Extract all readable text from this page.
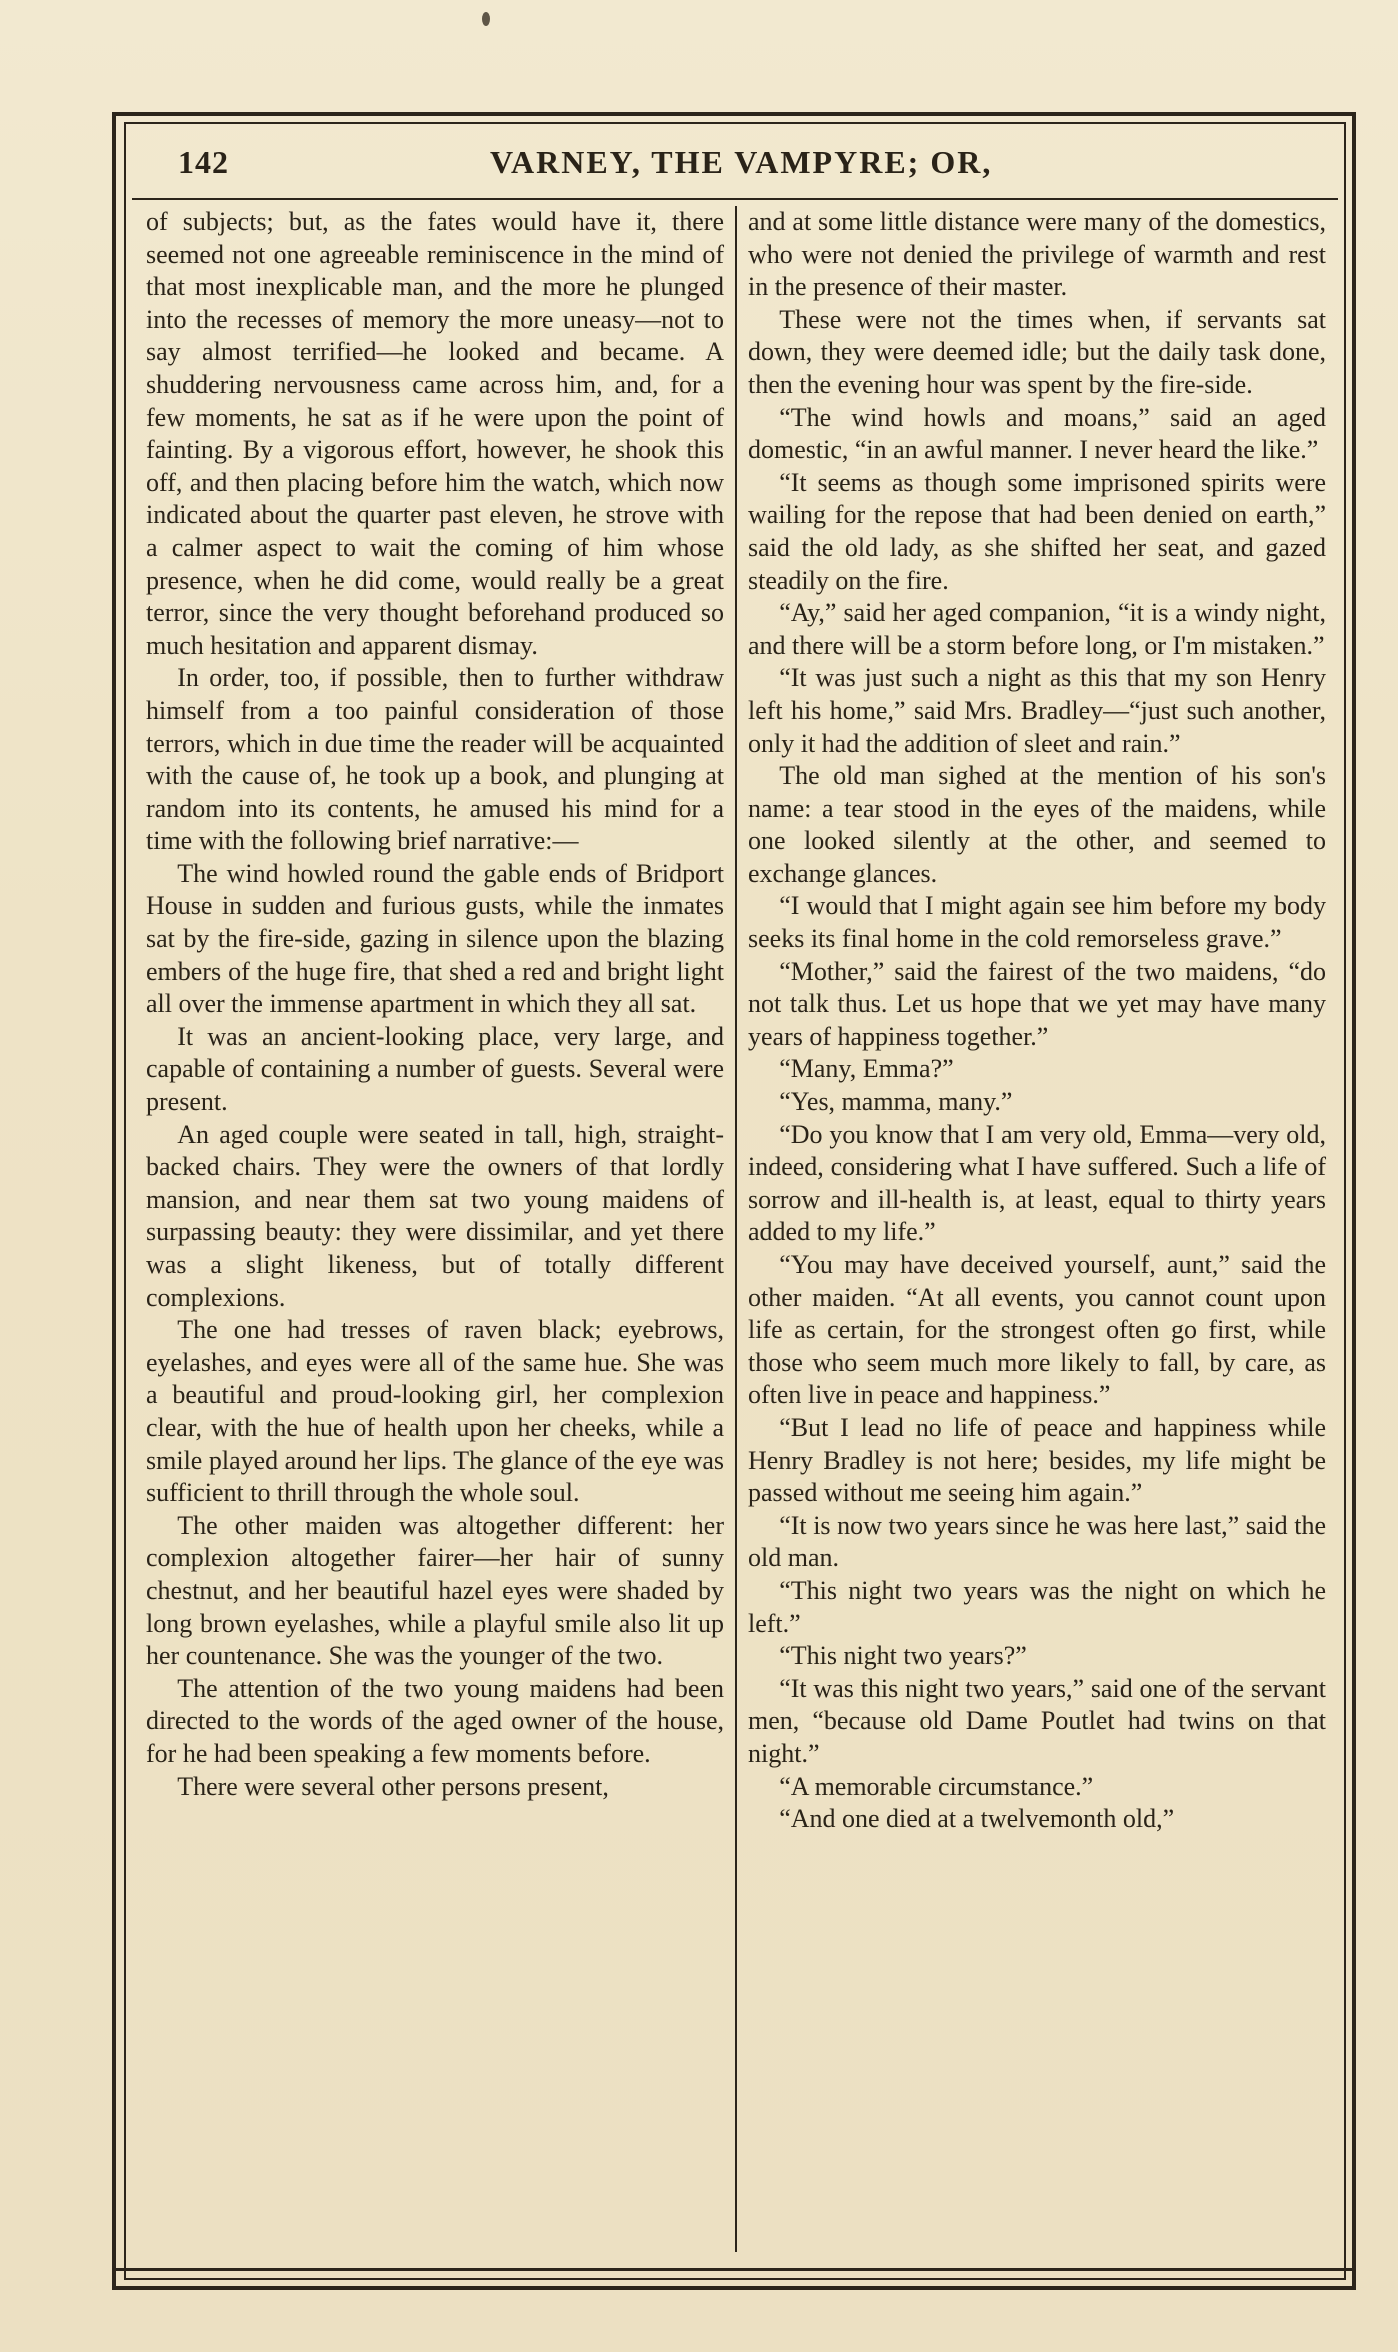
142	VARNEY, THE VAMPYRE; OR,

of subjects; but, as the fates would have it, there seemed not one agreeable reminiscence in the mind of that most inexplicable man, and the more he plunged into the recesses of memory the more uneasy—not to say almost terrified—he looked and became. A shuddering nervousness came across him, and, for a few moments, he sat as if he were upon the point of fainting. By a vigorous effort, however, he shook this off, and then placing before him the watch, which now indicated about the quarter past eleven, he strove with a calmer aspect to wait the coming of him whose presence, when he did come, would really be a great terror, since the very thought beforehand produced so much hesitation and apparent dismay.

In order, too, if possible, then to further withdraw himself from a too painful consideration of those terrors, which in due time the reader will be acquainted with the cause of, he took up a book, and plunging at random into its contents, he amused his mind for a time with the following brief narrative:—

The wind howled round the gable ends of Bridport House in sudden and furious gusts, while the inmates sat by the fire-side, gazing in silence upon the blazing embers of the huge fire, that shed a red and bright light all over the immense apartment in which they all sat.

It was an ancient-looking place, very large, and capable of containing a number of guests. Several were present.

An aged couple were seated in tall, high, straight-backed chairs. They were the owners of that lordly mansion, and near them sat two young maidens of surpassing beauty: they were dissimilar, and yet there was a slight likeness, but of totally different complexions.

The one had tresses of raven black; eyebrows, eyelashes, and eyes were all of the same hue. She was a beautiful and proud-looking girl, her complexion clear, with the hue of health upon her cheeks, while a smile played around her lips. The glance of the eye was sufficient to thrill through the whole soul.

The other maiden was altogether different: her complexion altogether fairer—her hair of sunny chestnut, and her beautiful hazel eyes were shaded by long brown eyelashes, while a playful smile also lit up her countenance. She was the younger of the two.

The attention of the two young maidens had been directed to the words of the aged owner of the house, for he had been speaking a few moments before.

There were several other persons present,

and at some little distance were many of the domestics, who were not denied the privilege of warmth and rest in the presence of their master.

These were not the times when, if servants sat down, they were deemed idle; but the daily task done, then the evening hour was spent by the fire-side.

“The wind howls and moans,” said an aged domestic, “in an awful manner. I never heard the like.”

“It seems as though some imprisoned spirits were wailing for the repose that had been denied on earth,” said the old lady, as she shifted her seat, and gazed steadily on the fire.

“Ay,” said her aged companion, “it is a windy night, and there will be a storm before long, or I'm mistaken.”

“It was just such a night as this that my son Henry left his home,” said Mrs. Bradley—“just such another, only it had the addition of sleet and rain.”

The old man sighed at the mention of his son's name: a tear stood in the eyes of the maidens, while one looked silently at the other, and seemed to exchange glances.

“I would that I might again see him before my body seeks its final home in the cold remorseless grave.”

“Mother,” said the fairest of the two maidens, “do not talk thus. Let us hope that we yet may have many years of happiness together.”

“Many, Emma?”

“Yes, mamma, many.”

“Do you know that I am very old, Emma—very old, indeed, considering what I have suffered. Such a life of sorrow and ill-health is, at least, equal to thirty years added to my life.”

“You may have deceived yourself, aunt,” said the other maiden. “At all events, you cannot count upon life as certain, for the strongest often go first, while those who seem much more likely to fall, by care, as often live in peace and happiness.”

“But I lead no life of peace and happiness while Henry Bradley is not here; besides, my life might be passed without me seeing him again.”

“It is now two years since he was here last,” said the old man.

“This night two years was the night on which he left.”

“This night two years?”

“It was this night two years,” said one of the servant men, “because old Dame Poutlet had twins on that night.”

“A memorable circumstance.”

“And one died at a twelvemonth old,”
